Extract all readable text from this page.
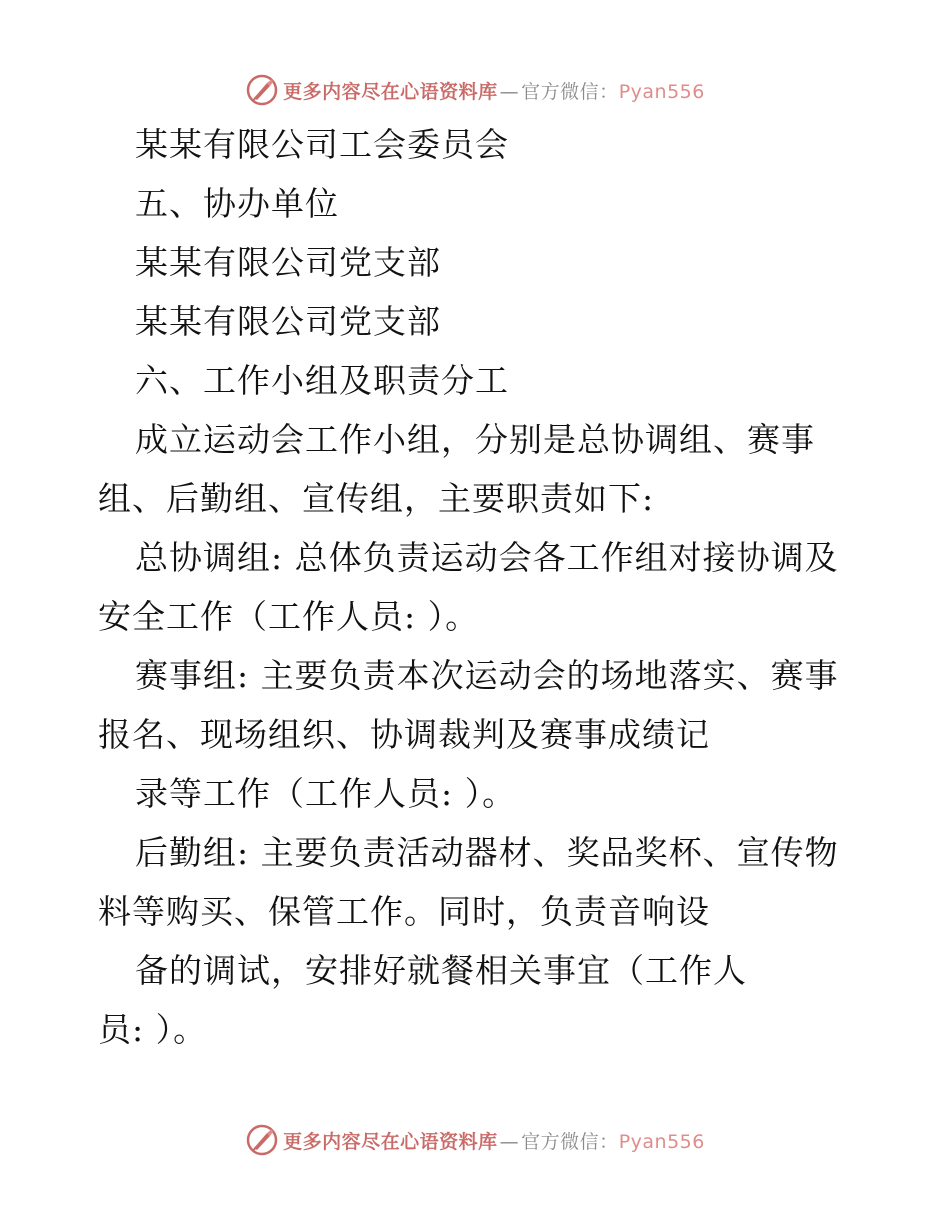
更多内容尽在心语资料库 — 官方微信：Pyan556
某某有限公司工会委员会
五、协办单位
某某有限公司党支部
某某有限公司党支部
六、工作小组及职责分工
成立运动会工作小组，分别是总协调组、赛事
组、后勤组、宣传组，主要职责如下:
总协调组: 总体负责运动会各工作组对接协调及
安全工作（工作人员: ）。
赛事组: 主要负责本次运动会的场地落实、赛事
报名、现场组织、协调裁判及赛事成绩记
录等工作（工作人员: ）。
后勤组: 主要负责活动器材、奖品奖杯、宣传物
料等购买、保管工作。同时，负责音响设
备的调试，安排好就餐相关事宜（工作人
员: ）。
更多内容尽在心语资料库 — 官方微信：Pyan556
